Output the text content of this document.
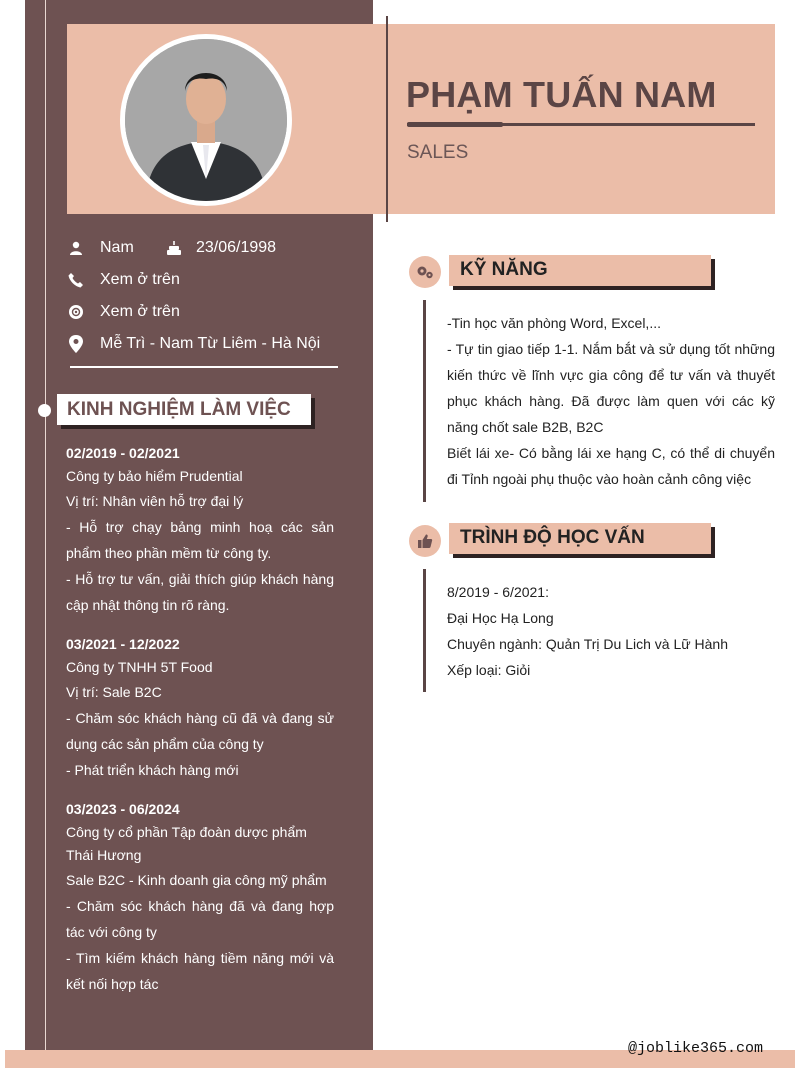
PHẠM TUẤN NAM
SALES
Nam	23/06/1998
Xem ở trên
Xem ở trên
Mễ Trì - Nam Từ Liêm - Hà Nội
KINH NGHIỆM LÀM VIỆC
02/2019 - 02/2021
Công ty bảo hiểm Prudential
Vị trí: Nhân viên hỗ trợ đại lý
- Hỗ trợ chạy bảng minh hoạ các sản phẩm theo phần mềm từ công ty.
- Hỗ trợ tư vấn, giải thích giúp khách hàng cập nhật thông tin rõ ràng.
03/2021 - 12/2022
Công ty TNHH 5T Food
Vị trí: Sale B2C
- Chăm sóc khách hàng cũ đã và đang sử dụng các sản phẩm của công ty
- Phát triển khách hàng mới
03/2023 - 06/2024
Công ty cổ phần Tập đoàn dược phẩm Thái Hương
Sale B2C - Kinh doanh gia công mỹ phẩm
- Chăm sóc khách hàng đã và đang hợp tác với công ty
- Tìm kiếm khách hàng tiềm năng mới và kết nối hợp tác
KỸ NĂNG
-Tin học văn phòng Word, Excel,...
- Tự tin giao tiếp 1-1. Nắm bắt và sử dụng tốt những kiến thức về lĩnh vực gia công để tư vấn và thuyết phục khách hàng. Đã được làm quen với các kỹ năng chốt sale B2B, B2C
Biết lái xe- Có bằng lái xe hạng C, có thể di chuyển đi Tỉnh ngoài phụ thuộc vào hoàn cảnh công việc
TRÌNH ĐỘ HỌC VẤN
8/2019 - 6/2021:
Đại Học Hạ Long
Chuyên ngành: Quản Trị Du Lich và Lữ Hành
Xếp loại: Giỏi
@joblike365.com
